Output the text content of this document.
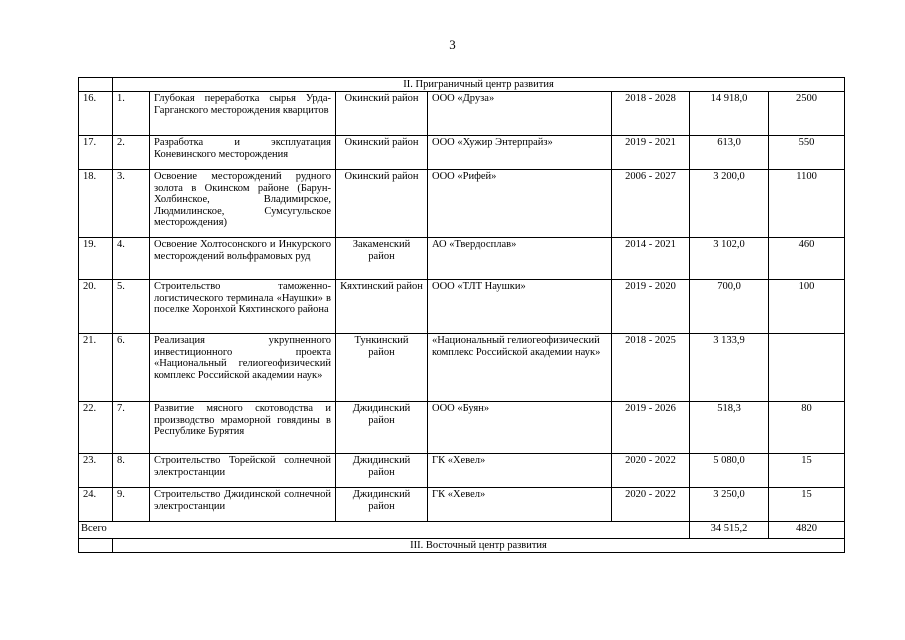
3
	II. Приграничный центр развития						
16.	1.	Глубокая переработка сырья Урда-Гарганского месторождения кварцитов	Окинский район	ООО «Друза»	2018 - 2028	14 918,0	2500
17.	2.	Разработка и эксплуатация Коневинского месторождения	Окинский район	ООО «Хужир Энтерпрайз»	2019 - 2021	613,0	550
18.	3.	Освоение месторождений рудного золота в Окинском районе (Барун-Холбинское, Владимирское, Людмилинское, Сумсугульское месторождения)	Окинский район	ООО «Рифей»	2006 - 2027	3 200,0	1100
19.	4.	Освоение Холтосонского и Инкурского месторождений вольфрамовых руд	Закаменский район	АО «Твердосплав»	2014 - 2021	3 102,0	460
20.	5.	Строительство таможенно-логистического терминала «Наушки» в поселке Хоронхой Кяхтинского района	Кяхтинский район	ООО «ТЛТ Наушки»	2019 - 2020	700,0	100
21.	6.	Реализация укрупненного инвестиционного проекта «Национальный гелиогеофизический комплекс Российской академии наук»	Тункинский район	«Национальный гелиогеофизический комплекс Российской академии наук»	2018 - 2025	3 133,9	
22.	7.	Развитие мясного скотоводства и производство мраморной говядины в Республике Бурятия	Джидинский район	ООО «Буян»	2019 - 2026	518,3	80
23.	8.	Строительство Торейской солнечной электростанции	Джидинский район	ГК «Хевел»	2020 - 2022	5 080,0	15
24.	9.	Строительство Джидинской солнечной электростанции	Джидинский район	ГК «Хевел»	2020 - 2022	3 250,0	15
Всего						34 515,2	4820
	III. Восточный центр развития						
